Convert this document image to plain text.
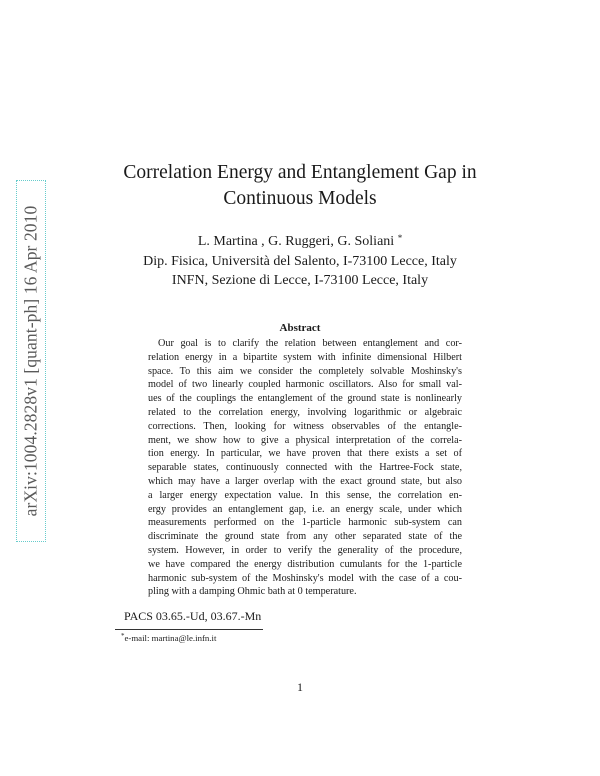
arXiv:1004.2828v1 [quant-ph] 16 Apr 2010
Correlation Energy and Entanglement Gap in
Continuous Models
L. Martina , G. Ruggeri, G. Soliani *
Dip. Fisica, Università del Salento, I-73100 Lecce, Italy
INFN, Sezione di Lecce, I-73100 Lecce, Italy
Abstract
Our goal is to clarify the relation between entanglement and cor-
relation energy in a bipartite system with infinite dimensional Hilbert
space. To this aim we consider the completely solvable Moshinsky's
model of two linearly coupled harmonic oscillators. Also for small val-
ues of the couplings the entanglement of the ground state is nonlinearly
related to the correlation energy, involving logarithmic or algebraic
corrections. Then, looking for witness observables of the entangle-
ment, we show how to give a physical interpretation of the correla-
tion energy. In particular, we have proven that there exists a set of
separable states, continuously connected with the Hartree-Fock state,
which may have a larger overlap with the exact ground state, but also
a larger energy expectation value. In this sense, the correlation en-
ergy provides an entanglement gap, i.e. an energy scale, under which
measurements performed on the 1-particle harmonic sub-system can
discriminate the ground state from any other separated state of the
system. However, in order to verify the generality of the procedure,
we have compared the energy distribution cumulants for the 1-particle
harmonic sub-system of the Moshinsky's model with the case of a cou-
pling with a damping Ohmic bath at 0 temperature.
PACS 03.65.-Ud, 03.67.-Mn
*e-mail: martina@le.infn.it
1
